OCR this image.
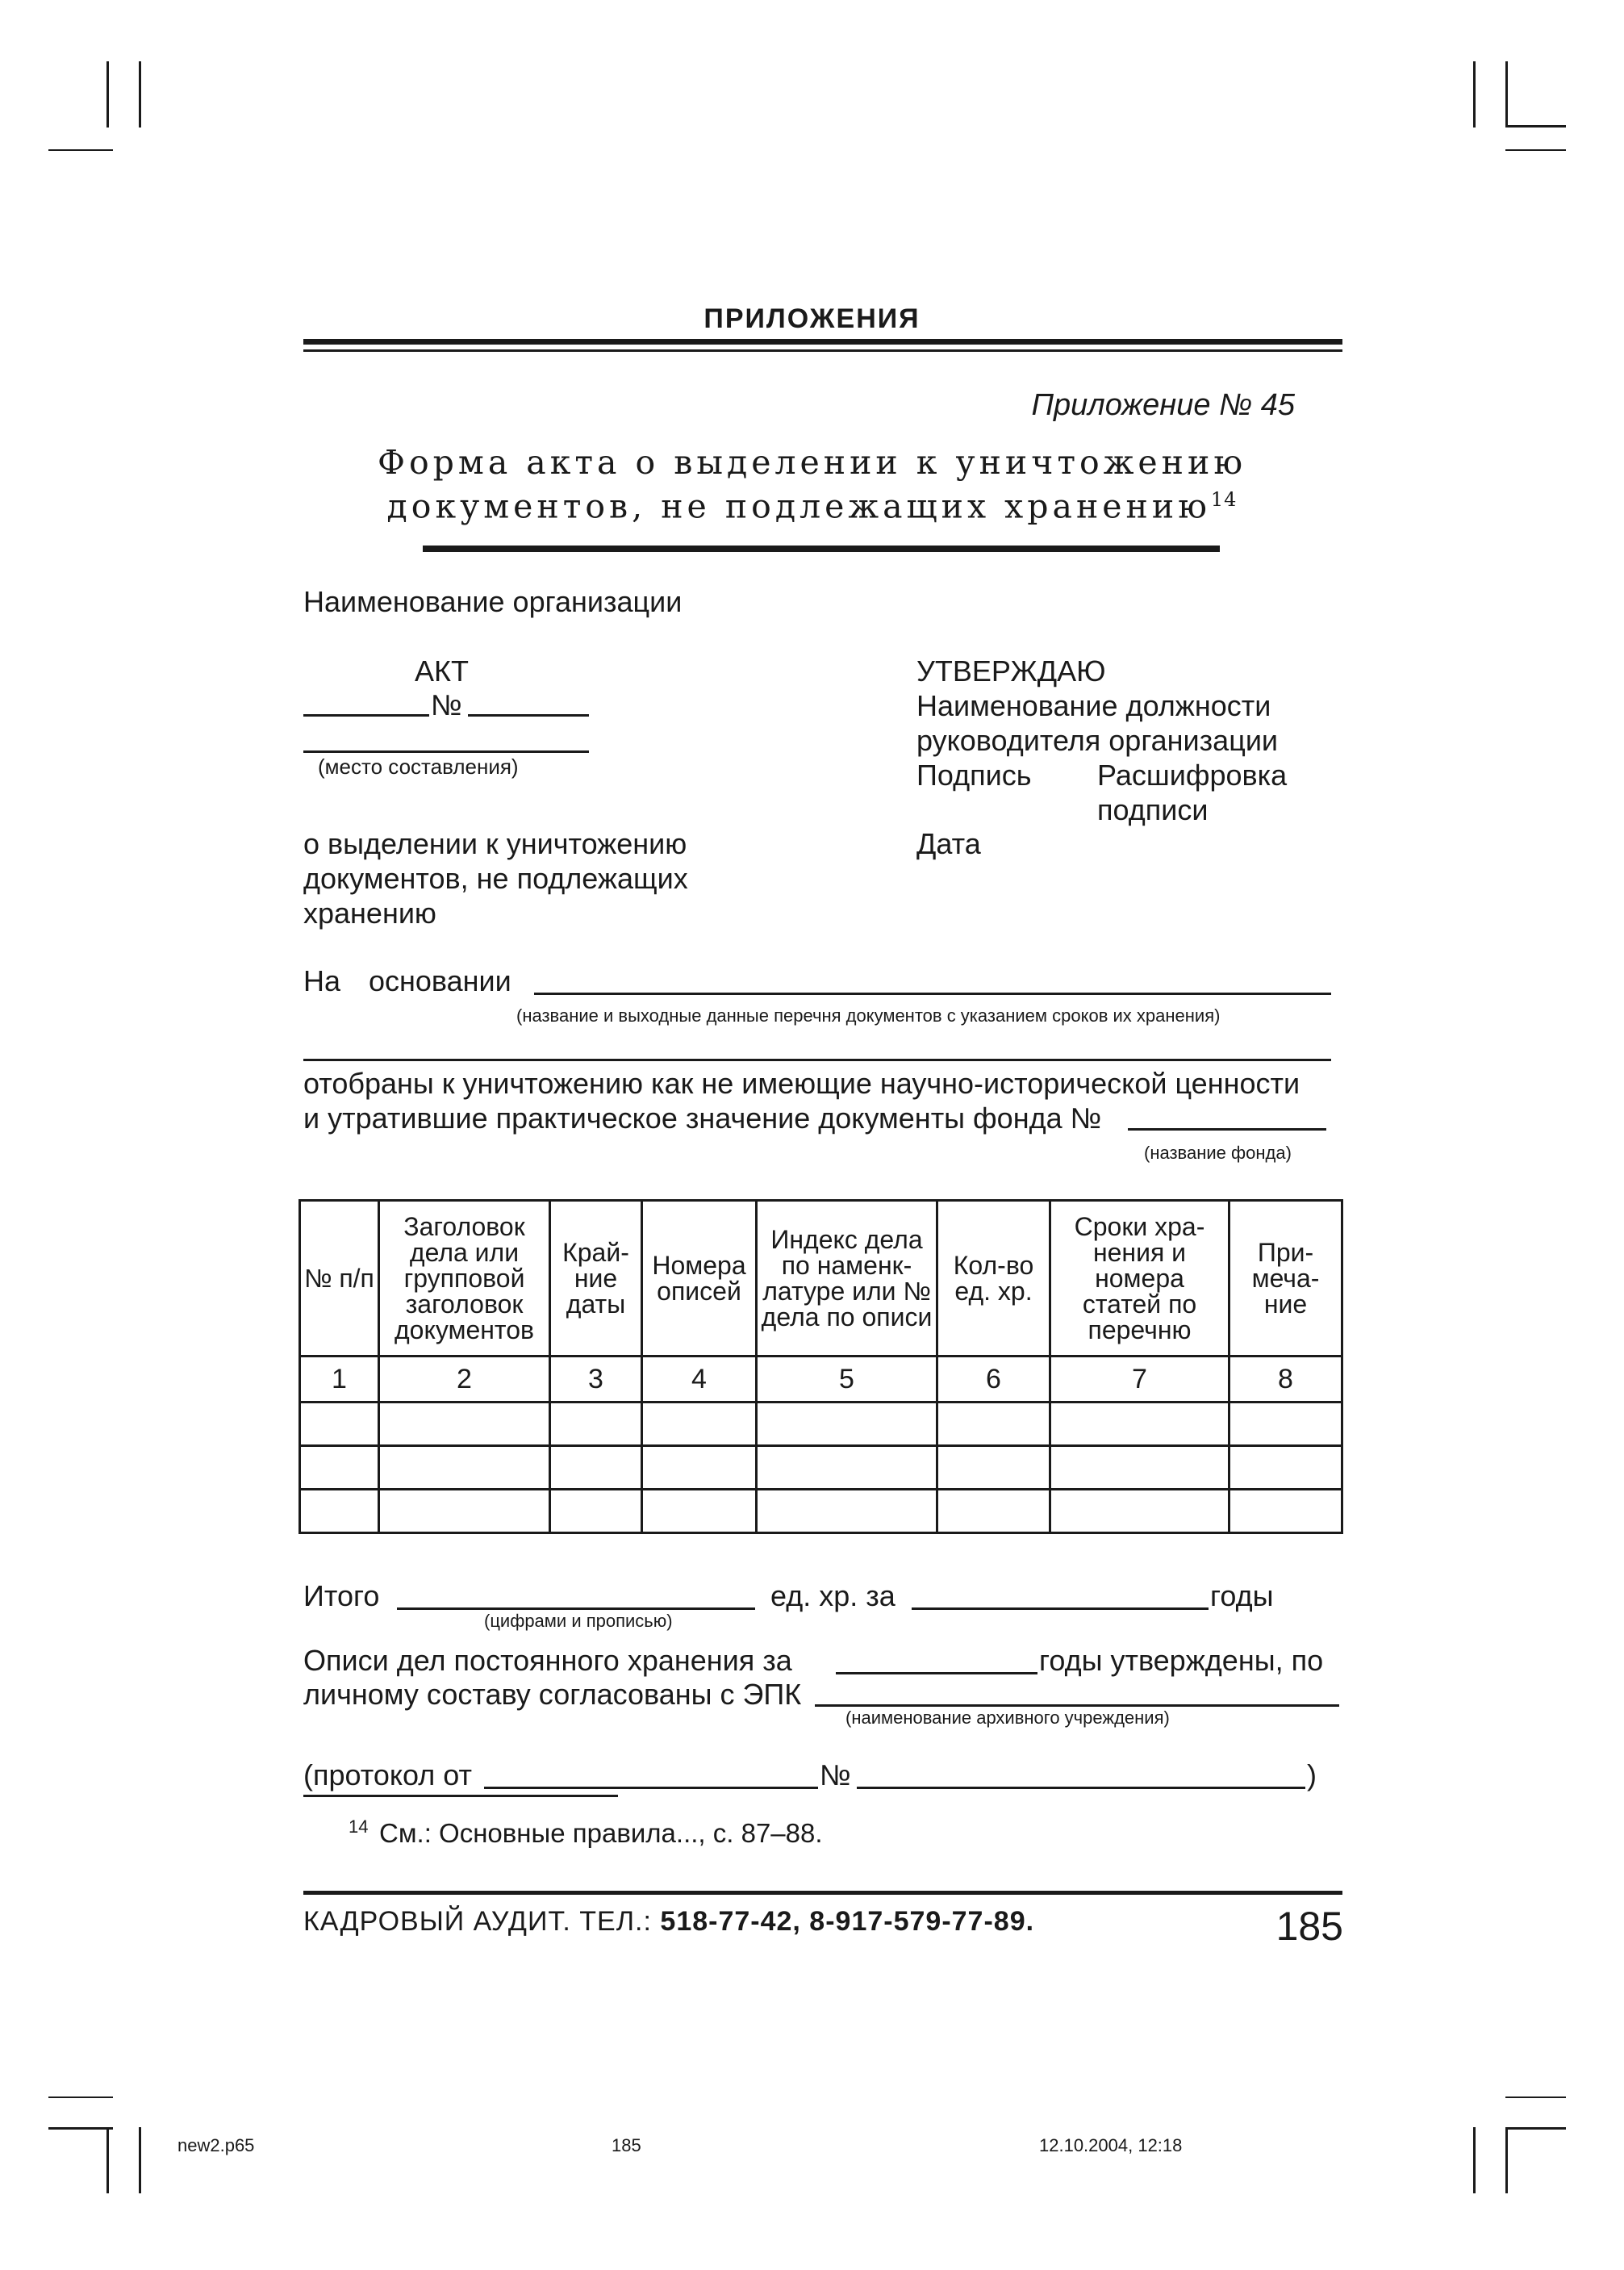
ПРИЛОЖЕНИЯ
Приложение № 45
Форма акта о выделении к уничтожению
документов, не подлежащих хранению$^{14}$
Наименование организации
АКТ
№
(место составления)
о выделении к уничтожению
документов, не подлежащих
хранению
УТВЕРЖДАЮ
Наименование должности
руководителя организации
Подпись Расшифровка
подписи
Дата
На основании
(название и выходные данные перечня документов с указанием сроков их хранения)
отобраны к уничтожению как не имеющие научно-исторической ценности
и утратившие практическое значение документы фонда №
(название фонда)
№ п/п	Заголовок дела или групповой заголовок документов	Край-ние даты	Номера описей	Индекс дела по наменк-латуре или № дела по описи	Кол-во ед. хр.	Сроки хра-нения и номера статей по перечню	При-меча-ние
1	2	3	4	5	6	7	8

Итого
(цифрами и прописью)
ед. хр. за	годы
Описи дел постоянного хранения за	годы утверждены, по
личному составу согласованы с ЭПК
(наименование архивного учреждения)
(протокол от	№	)
14 См.: Основные правила..., с. 87–88.
КАДРОВЫЙ АУДИТ. ТЕЛ.: 518-77-42, 8-917-579-77-89.	185
new2.p65	185	12.10.2004, 12:18
